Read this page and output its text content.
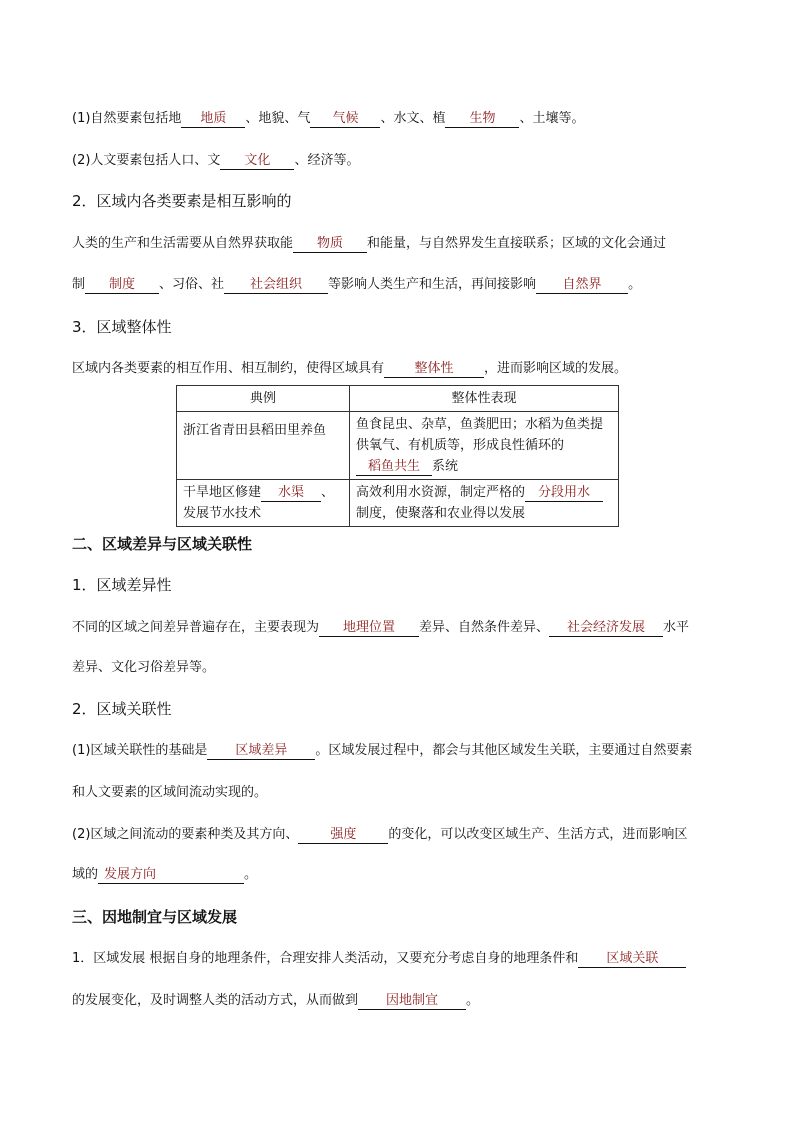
(1)自然要素包括地 地质 、地貌、气 气候 、水文、植 生物 、土壤等。
(2)人文要素包括人口、文 文化 、经济等。
2．区域内各类要素是相互影响的
人类的生产和生活需要从自然界获取能 物质 和能量，与自然界发生直接联系；区域的文化会通过
制 制度 、习俗、社 社会组织 等影响人类生产和生活，再间接影响 自然界 。
3．区域整体性
区域内各类要素的相互作用、相互制约，使得区域具有 整体性 ，进而影响区域的发展。
典例	整体性表现
浙江省青田县稻田里养鱼	鱼食昆虫、杂草，鱼粪肥田；水稻为鱼类提供氧气、有机质等，形成良性循环的稻鱼共生 系统
干旱地区修建 水渠 、发展节水技术	高效利用水资源，制定严格的 分段用水制度，使聚落和农业得以发展
二、区域差异与区域关联性
1．区域差异性
不同的区域之间差异普遍存在，主要表现为 地理位置 差异、自然条件差异、 社会经济发展 水平
差异、文化习俗差异等。
2．区域关联性
(1)区域关联性的基础是 区域差异 。区域发展过程中，都会与其他区域发生关联，主要通过自然要素
和人文要素的区域间流动实现的。
(2)区域之间流动的要素种类及其方向、 强度 的变化，可以改变区域生产、生活方式，进而影响区
域的 发展方向	。
三、因地制宜与区域发展
1．区域发展 根据自身的地理条件，合理安排人类活动，又要充分考虑自身的地理条件和 区域关联
的发展变化，及时调整人类的活动方式，从而做到 因地制宜 。
